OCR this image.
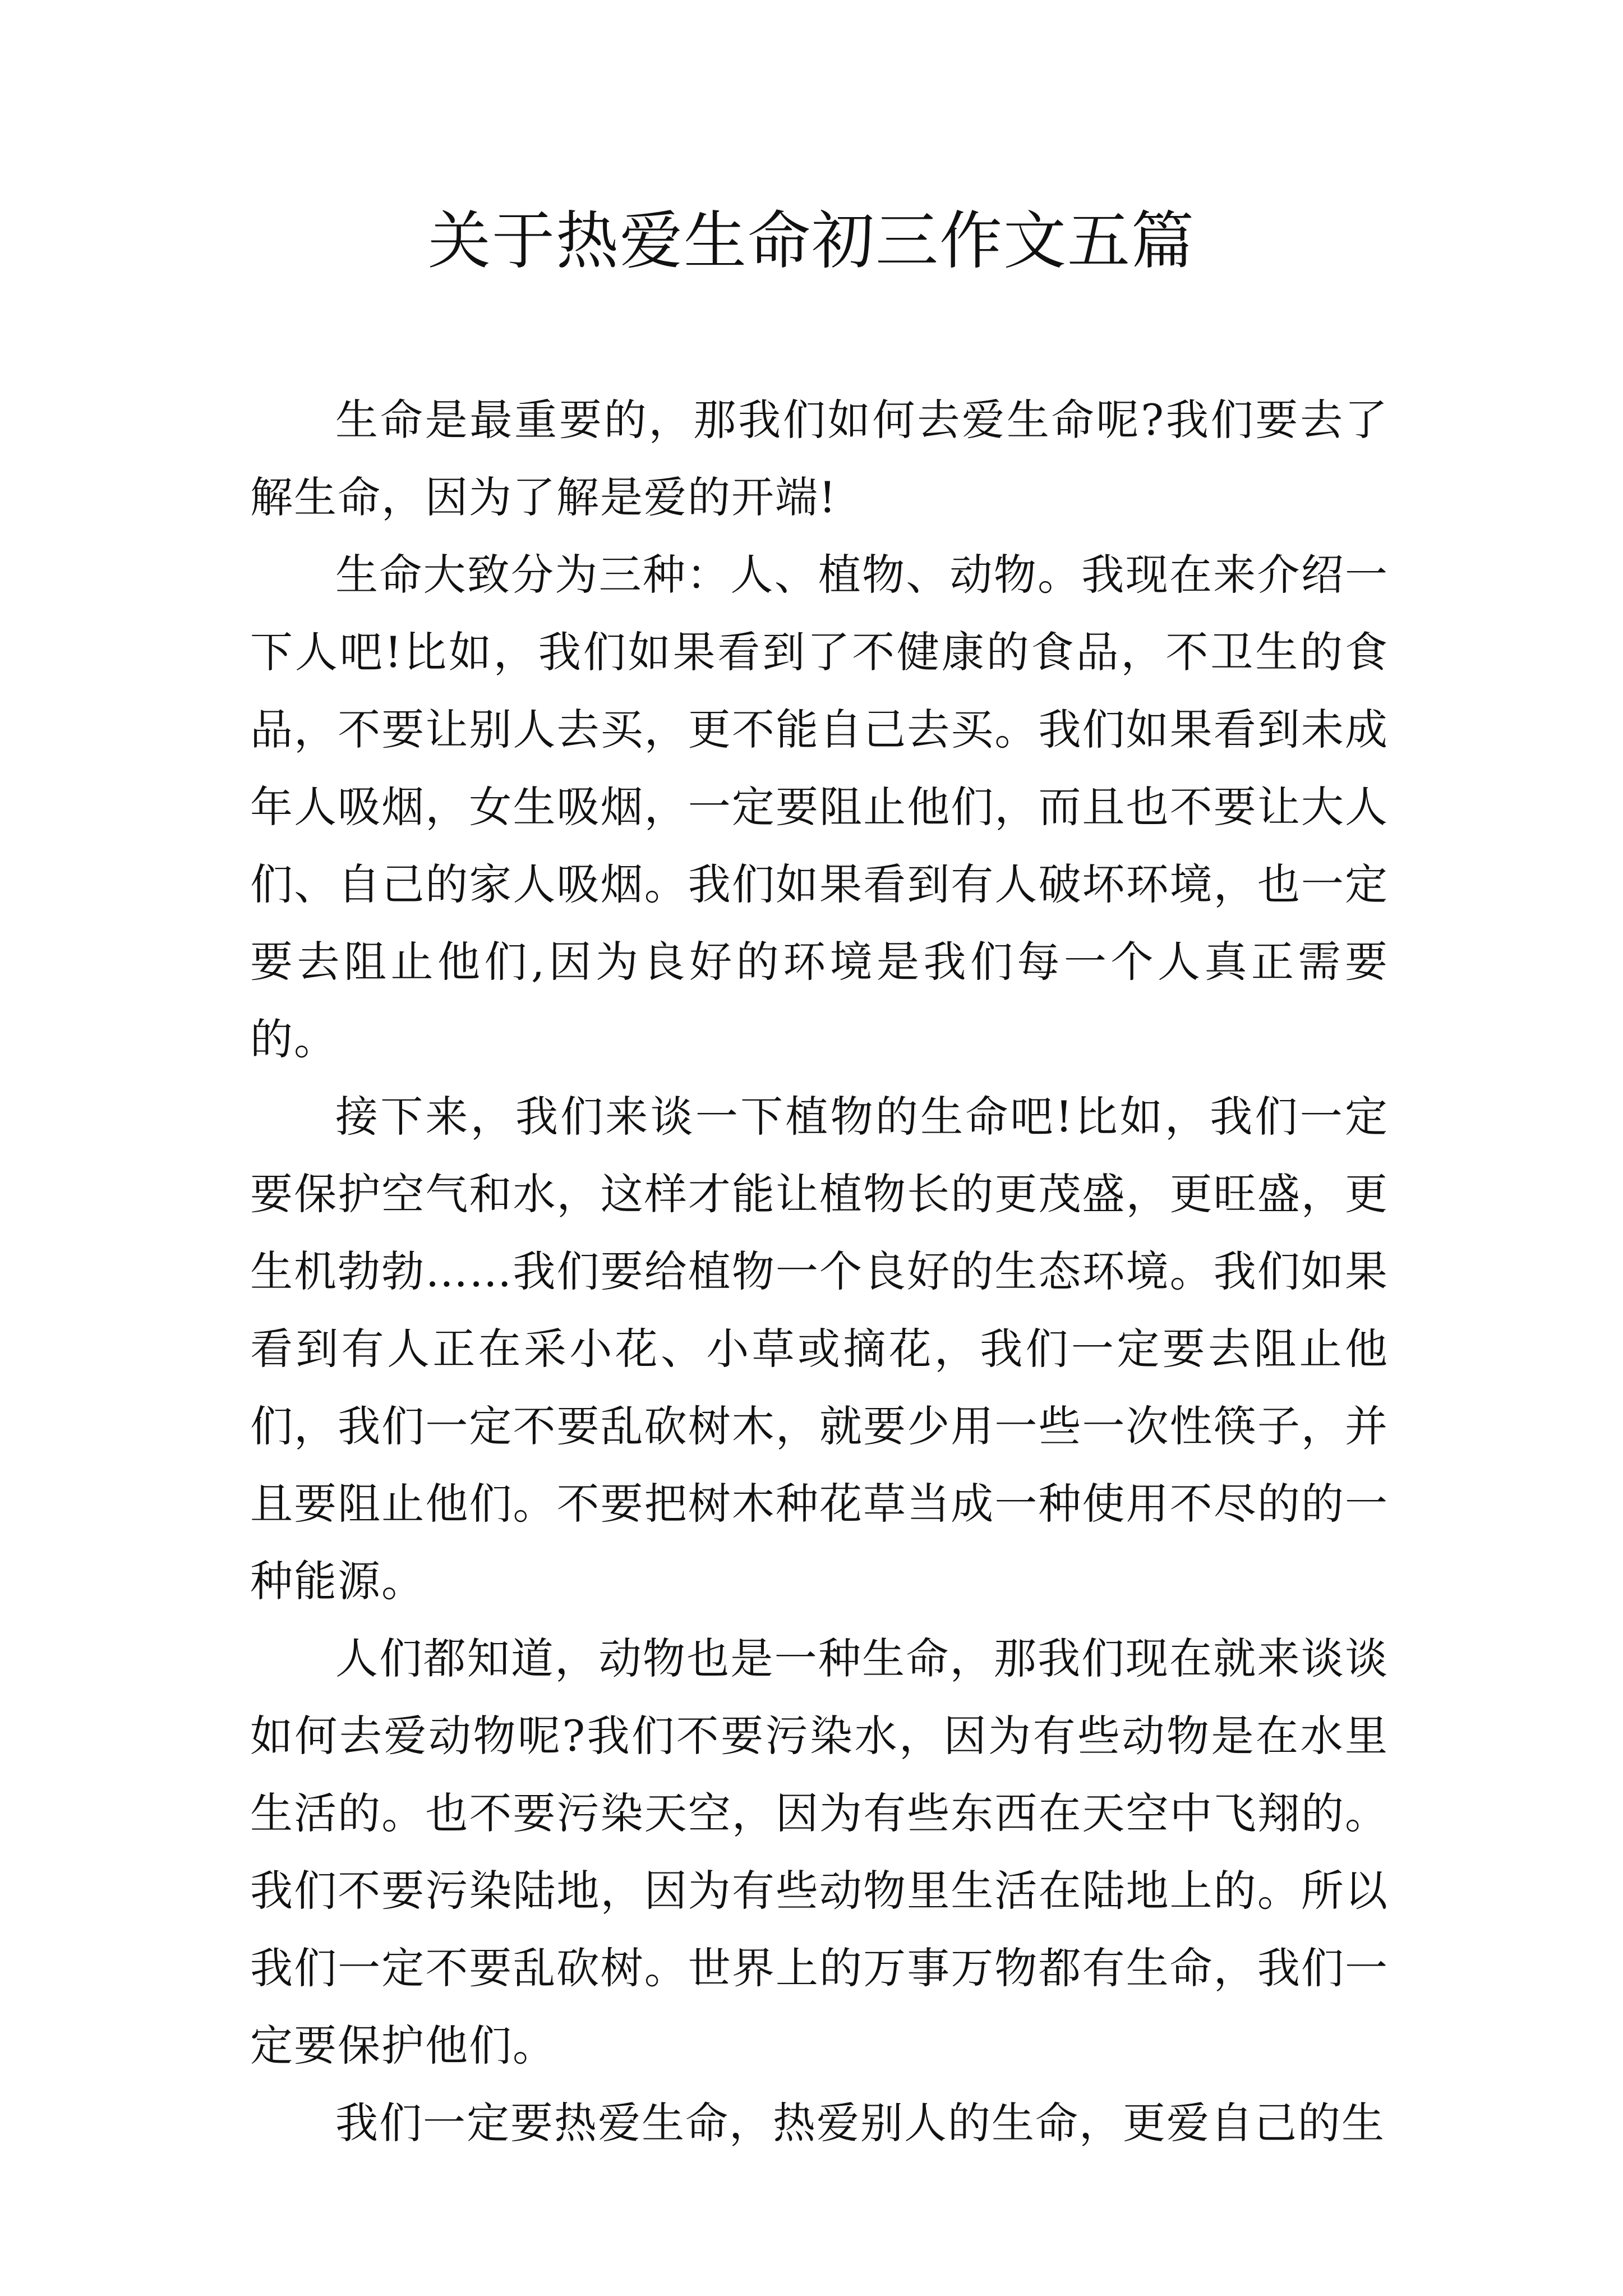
关于热爱生命初三作文五篇

生命是最重要的，那我们如何去爱生命呢?我们要去了解生命，因为了解是爱的开端!

生命大致分为三种：人、植物、动物。我现在来介绍一下人吧!比如，我们如果看到了不健康的食品，不卫生的食品，不要让别人去买，更不能自己去买。我们如果看到未成年人吸烟，女生吸烟，一定要阻止他们，而且也不要让大人们、自己的家人吸烟。我们如果看到有人破坏环境，也一定要去阻止他们,因为良好的环境是我们每一个人真正需要的。

接下来，我们来谈一下植物的生命吧!比如，我们一定要保护空气和水，这样才能让植物长的更茂盛，更旺盛，更生机勃勃……我们要给植物一个良好的生态环境。我们如果看到有人正在采小花、小草或摘花，我们一定要去阻止他们，我们一定不要乱砍树木，就要少用一些一次性筷子，并且要阻止他们。不要把树木种花草当成一种使用不尽的的一种能源。

人们都知道，动物也是一种生命，那我们现在就来谈谈如何去爱动物呢?我们不要污染水，因为有些动物是在水里生活的。也不要污染天空，因为有些东西在天空中飞翔的。我们不要污染陆地，因为有些动物里生活在陆地上的。所以我们一定不要乱砍树。世界上的万事万物都有生命，我们一定要保护他们。

我们一定要热爱生命，热爱别人的生命，更爱自己的生
